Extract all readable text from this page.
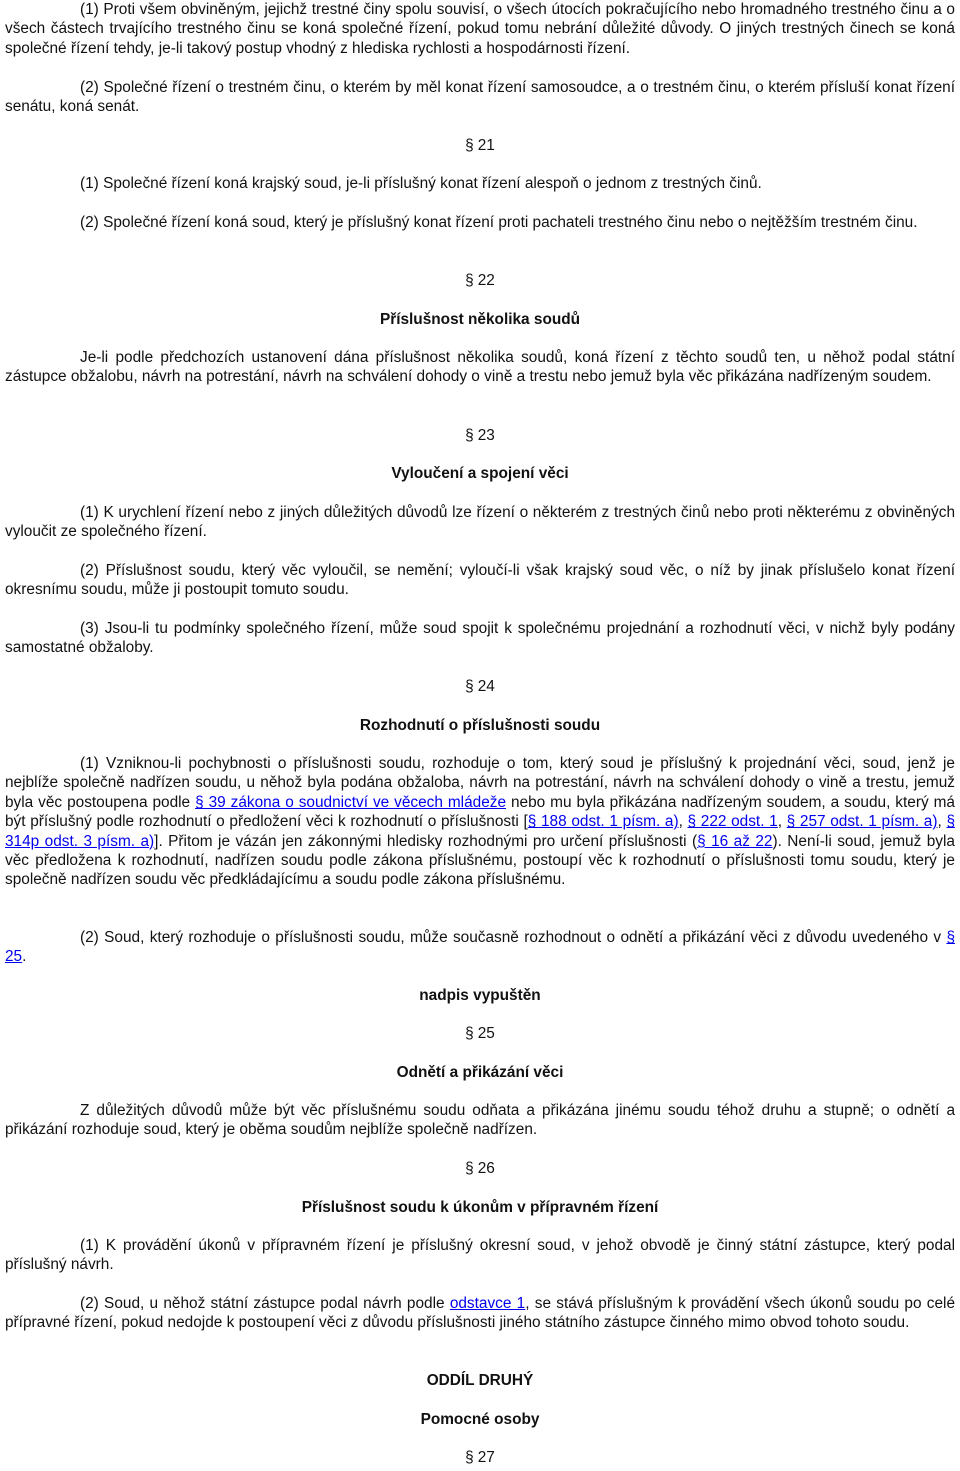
(1) Proti všem obviněným, jejichž trestné činy spolu souvisí, o všech útocích pokračujícího nebo hromadného trestného činu a o všech částech trvajícího trestného činu se koná společné řízení, pokud tomu nebrání důležité důvody. O jiných trestných činech se koná společné řízení tehdy, je-li takový postup vhodný z hlediska rychlosti a hospodárnosti řízení.

(2) Společné řízení o trestném činu, o kterém by měl konat řízení samosoudce, a o trestném činu, o kterém přísluší konat řízení senátu, koná senát.

§ 21

(1) Společné řízení koná krajský soud, je-li příslušný konat řízení alespoň o jednom z trestných činů.

(2) Společné řízení koná soud, který je příslušný konat řízení proti pachateli trestného činu nebo o nejtěžším trestném činu.

§ 22

Příslušnost několika soudů

Je-li podle předchozích ustanovení dána příslušnost několika soudů, koná řízení z těchto soudů ten, u něhož podal státní zástupce obžalobu, návrh na potrestání, návrh na schválení dohody o vině a trestu nebo jemuž byla věc přikázána nadřízeným soudem.

§ 23

Vyloučení a spojení věci

(1) K urychlení řízení nebo z jiných důležitých důvodů lze řízení o některém z trestných činů nebo proti některému z obviněných vyloučit ze společného řízení.

(2) Příslušnost soudu, který věc vyloučil, se nemění; vyloučí-li však krajský soud věc, o níž by jinak příslušelo konat řízení okresnímu soudu, může ji postoupit tomuto soudu.

(3) Jsou-li tu podmínky společného řízení, může soud spojit k společnému projednání a rozhodnutí věci, v nichž byly podány samostatné obžaloby.

§ 24

Rozhodnutí o příslušnosti soudu

(1) Vzniknou-li pochybnosti o příslušnosti soudu, rozhoduje o tom, který soud je příslušný k projednání věci, soud, jenž je nejblíže společně nadřízen soudu, u něhož byla podána obžaloba, návrh na potrestání, návrh na schválení dohody o vině a trestu, jemuž byla věc postoupena podle § 39 zákona o soudnictví ve věcech mládeže nebo mu byla přikázána nadřízeným soudem, a soudu, který má být příslušný podle rozhodnutí o předložení věci k rozhodnutí o příslušnosti [§ 188 odst. 1 písm. a), § 222 odst. 1, § 257 odst. 1 písm. a), § 314p odst. 3 písm. a)]. Přitom je vázán jen zákonnými hledisky rozhodnými pro určení příslušnosti (§ 16 až 22). Není-li soud, jemuž byla věc předložena k rozhodnutí, nadřízen soudu podle zákona příslušnému, postoupí věc k rozhodnutí o příslušnosti tomu soudu, který je společně nadřízen soudu věc předkládajícímu a soudu podle zákona příslušnému.

(2) Soud, který rozhoduje o příslušnosti soudu, může současně rozhodnout o odnětí a přikázání věci z důvodu uvedeného v § 25.

nadpis vypuštěn

§ 25

Odnětí a přikázání věci

Z důležitých důvodů může být věc příslušnému soudu odňata a přikázána jinému soudu téhož druhu a stupně; o odnětí a přikázání rozhoduje soud, který je oběma soudům nejblíže společně nadřízen.

§ 26

Příslušnost soudu k úkonům v přípravném řízení

(1) K provádění úkonů v přípravném řízení je příslušný okresní soud, v jehož obvodě je činný státní zástupce, který podal příslušný návrh.

(2) Soud, u něhož státní zástupce podal návrh podle odstavce 1, se stává příslušným k provádění všech úkonů soudu po celé přípravné řízení, pokud nedojde k postoupení věci z důvodu příslušnosti jiného státního zástupce činného mimo obvod tohoto soudu.

ODDÍL DRUHÝ

Pomocné osoby

§ 27
